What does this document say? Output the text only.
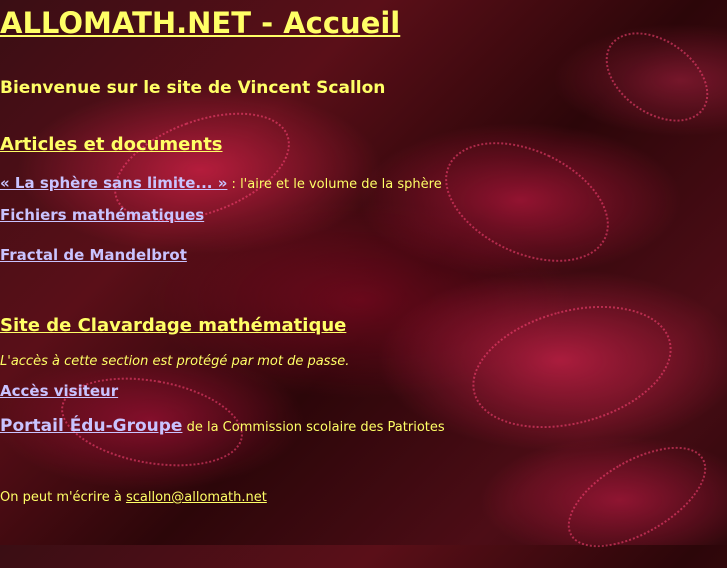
ALLOMATH.NET - Accueil
Bienvenue sur le site de Vincent Scallon
Articles et documents
« La sphère sans limite... » : l'aire et le volume de la sphère
Fichiers mathématiques
Fractal de Mandelbrot
Site de Clavardage mathématique
L'accès à cette section est protégé par mot de passe.
Accès visiteur
Portail Édu-Groupe de la Commission scolaire des Patriotes
On peut m'écrire à scallon@allomath.net
